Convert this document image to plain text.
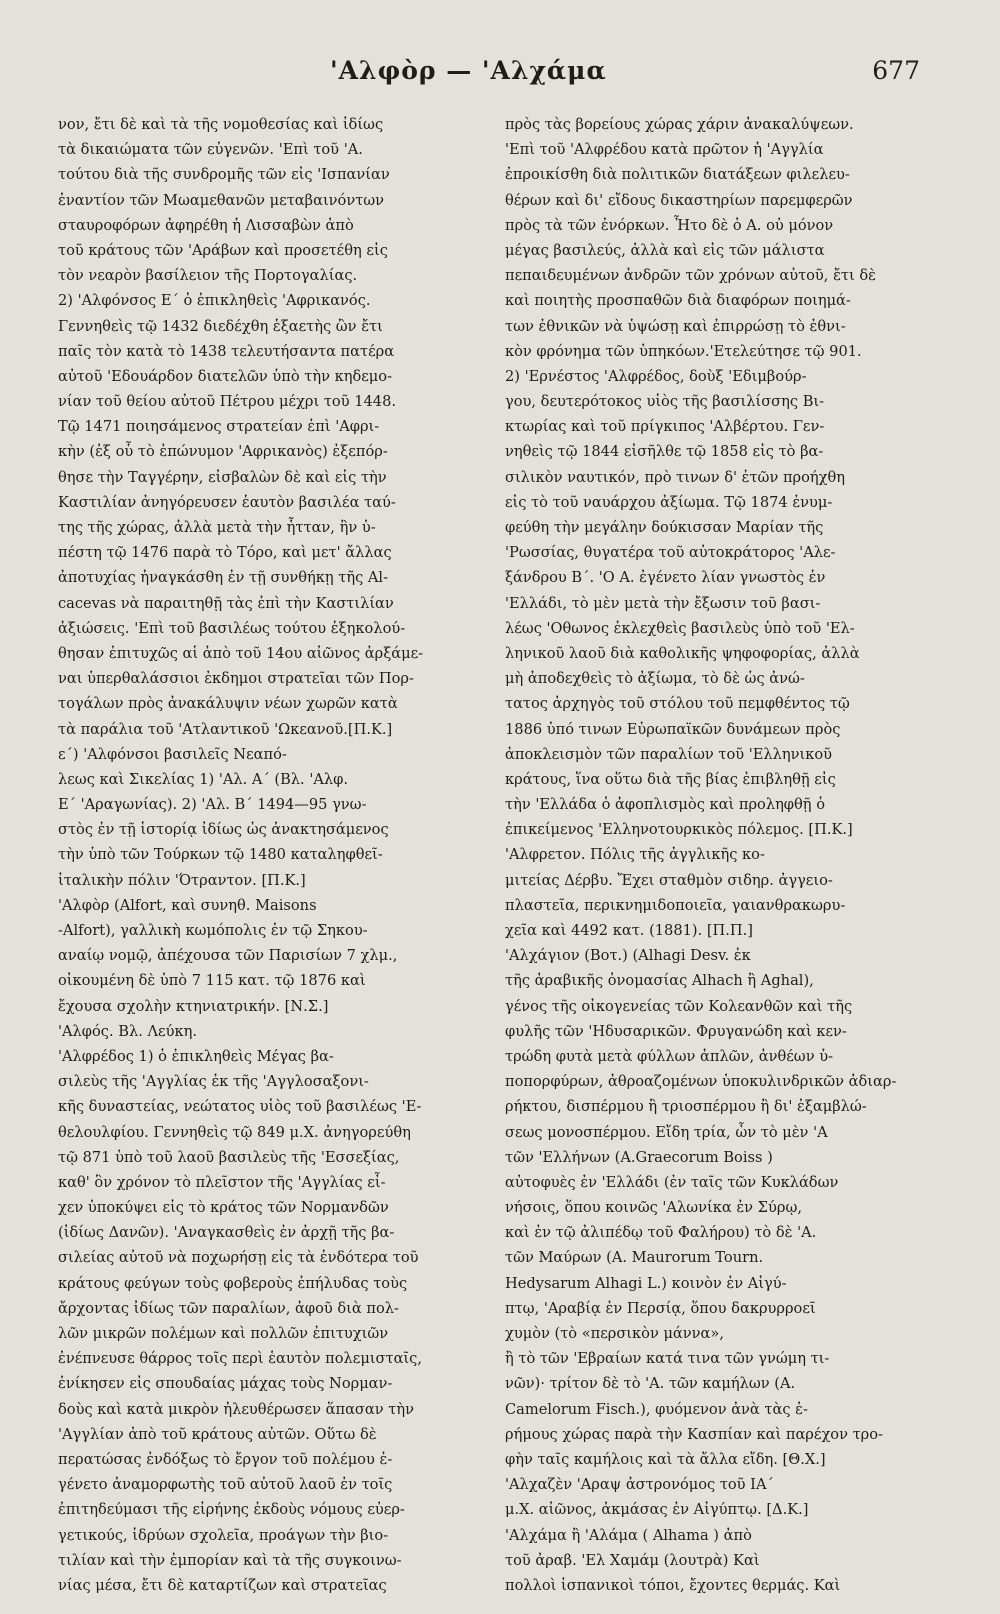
'Αλφὸρ — 'Αλχάμα	677
νον, ἔτι δὲ καὶ τὰ τῆς νομοθεσίας καὶ ἰδίως
τὰ δικαιώματα τῶν εὐγενῶν. 'Επὶ τοῦ 'Α.
τούτου διὰ τῆς συνδρομῆς τῶν εἰς 'Ισπανίαν
ἐναντίον τῶν Μωαμεθανῶν μεταβαινόντων
σταυροφόρων ἀφηρέθη ἡ Λισσαβὼν ἀπὸ
τοῦ κράτους τῶν 'Αράβων καὶ προσετέθη εἰς
τὸν νεαρὸν βασίλειον τῆς Πορτογαλίας.
2) 'Αλφόνσος Ε΄ ὁ ἐπικληθεὶς 'Αφρικανός.
Γεννηθεὶς τῷ 1432 διεδέχθη ἑξαετὴς ὢν ἔτι
παῖς τὸν κατὰ τὸ 1438 τελευτήσαντα πατέρα
αὐτοῦ 'Εδουάρδον διατελῶν ὑπὸ τὴν κηδεμο-
νίαν τοῦ θείου αὐτοῦ Πέτρου μέχρι τοῦ 1448.
Τῷ 1471 ποιησάμενος στρατείαν ἐπὶ 'Αφρι-
κὴν (ἐξ οὗ τὸ ἐπώνυμον 'Αφρικανὸς) ἐξεπόρ-
θησε τὴν Ταγγέρην, εἰσβαλὼν δὲ καὶ εἰς τὴν
Καστιλίαν ἀνηγόρευσεν ἑαυτὸν βασιλέα ταύ-
της τῆς χώρας, ἀλλὰ μετὰ τὴν ἧτταν, ἣν ὑ-
πέστη τῷ 1476 παρὰ τὸ Τόρο, καὶ μετ' ἄλλας
ἀποτυχίας ἠναγκάσθη ἐν τῇ συνθήκῃ τῆς Al-
cacevas νὰ παραιτηθῇ τὰς ἐπὶ τὴν Καστιλίαν
ἀξιώσεις. 'Επὶ τοῦ βασιλέως τούτου ἐξηκολού-
θησαν ἐπιτυχῶς αἱ ἀπὸ τοῦ 14ου αἰῶνος ἀρξάμε-
ναι ὑπερθαλάσσιοι ἐκδημοι στρατεῖαι τῶν Πορ-
τογάλων πρὸς ἀνακάλυψιν νέων χωρῶν κατὰ
τὰ παράλια τοῦ 'Ατλαντικοῦ 'Ωκεανοῦ.[Π.Κ.]
ε΄) 'Αλφόνσοι βασιλεῖς Νεαπό-
λεως καὶ Σικελίας 1) 'Αλ. Α΄ (Βλ. 'Αλφ.
Ε΄ 'Αραγωνίας). 2) 'Αλ. Β΄ 1494—95 γνω-
στὸς ἐν τῇ ἱστορίᾳ ἰδίως ὡς ἀνακτησάμενος
τὴν ὑπὸ τῶν Τούρκων τῷ 1480 καταληφθεῖ-
ἰταλικὴν πόλιν 'Ότραντον. [Π.Κ.]
'Αλφὸρ (Alfort, καὶ συνηθ. Maisons
-Alfort), γαλλικὴ κωμόπολις ἐν τῷ Σηκου-
αναίῳ νομῷ, ἀπέχουσα τῶν Παρισίων 7 χλμ.,
οἰκουμένη δὲ ὑπὸ 7 115 κατ. τῷ 1876 καὶ
ἔχουσα σχολὴν κτηνιατρικήν. [Ν.Σ.]
'Αλφός. Βλ. Λεύκη.
'Αλφρέδος 1) ὁ ἐπικληθεὶς Μέγας βα-
σιλεὺς τῆς 'Αγγλίας ἐκ τῆς 'Αγγλοσαξονι-
κῆς δυναστείας, νεώτατος υἱὸς τοῦ βασιλέως 'Ε-
θελουλφίου. Γεννηθεὶς τῷ 849 μ.Χ. ἀνηγορεύθη
τῷ 871 ὑπὸ τοῦ λαοῦ βασιλεὺς τῆς 'Εσσεξίας,
καθ' ὃν χρόνον τὸ πλεῖστον τῆς 'Αγγλίας εἶ-
χεν ὑποκύψει εἰς τὸ κράτος τῶν Νορμανδῶν
(ἰδίως Δανῶν). 'Αναγκασθεὶς ἐν ἀρχῇ τῆς βα-
σιλείας αὐτοῦ νὰ ποχωρήσῃ εἰς τὰ ἐνδότερα τοῦ
κράτους φεύγων τοὺς φοβεροὺς ἐπήλυδας τοὺς
ἄρχοντας ἰδίως τῶν παραλίων, ἀφοῦ διὰ πολ-
λῶν μικρῶν πολέμων καὶ πολλῶν ἐπιτυχιῶν
ἐνέπνευσε θάρρος τοῖς περὶ ἑαυτὸν πολεμισταῖς,
ἐνίκησεν εἰς σπουδαίας μάχας τοὺς Νορμαν-
δοὺς καὶ κατὰ μικρὸν ἠλευθέρωσεν ἅπασαν τὴν
'Αγγλίαν ἀπὸ τοῦ κράτους αὐτῶν. Οὕτω δὲ
περατώσας ἐνδόξως τὸ ἔργον τοῦ πολέμου ἐ-
γένετο ἀναμορφωτὴς τοῦ αὐτοῦ λαοῦ ἐν τοῖς
ἐπιτηδεύμασι τῆς εἰρήνης ἐκδοὺς νόμους εὐερ-
γετικούς, ἱδρύων σχολεῖα, προάγων τὴν βιο-
τιλίαν καὶ τὴν ἐμπορίαν καὶ τὰ τῆς συγκοινω-
νίας μέσα, ἔτι δὲ καταρτίζων καὶ στρατεῖας
πρὸς τὰς βορείους χώρας χάριν ἀνακαλύψεων.
'Επὶ τοῦ 'Αλφρέδου κατὰ πρῶτον ἡ 'Αγγλία
ἐπροικίσθη διὰ πολιτικῶν διατάξεων φιλελευ-
θέρων καὶ δι' εἴδους δικαστηρίων παρεμφερῶν
πρὸς τὰ τῶν ἐνόρκων. Ἦτο δὲ ὁ Α. οὐ μόνον
μέγας βασιλεύς, ἀλλὰ καὶ εἰς τῶν μάλιστα
πεπαιδευμένων ἀνδρῶν τῶν χρόνων αὐτοῦ, ἔτι δὲ
καὶ ποιητὴς προσπαθῶν διὰ διαφόρων ποιημά-
των ἐθνικῶν νὰ ὑψώσῃ καὶ ἐπιρρώσῃ τὸ ἐθνι-
κὸν φρόνημα τῶν ὑπηκόων.'Ετελεύτησε τῷ 901.
2) 'Ερνέστος 'Αλφρέδος, δοὺξ 'Εδιμβούρ-
γου, δευτερότοκος υἱὸς τῆς βασιλίσσης Βι-
κτωρίας καὶ τοῦ πρίγκιπος 'Αλβέρτου. Γεν-
νηθεὶς τῷ 1844 εἰσῆλθε τῷ 1858 εἰς τὸ βα-
σιλικὸν ναυτικόν, πρὸ τινων δ' ἐτῶν προήχθη
εἰς τὸ τοῦ ναυάρχου ἀξίωμα. Τῷ 1874 ἐνυμ-
φεύθη τὴν μεγάλην δούκισσαν Μαρίαν τῆς
'Ρωσσίας, θυγατέρα τοῦ αὐτοκράτορος 'Αλε-
ξάνδρου Β΄. 'Ο Α. ἐγένετο λίαν γνωστὸς ἐν
'Ελλάδι, τὸ μὲν μετὰ τὴν ἔξωσιν τοῦ βασι-
λέως 'Οθωνος ἐκλεχθεὶς βασιλεὺς ὑπὸ τοῦ 'Ελ-
ληνικοῦ λαοῦ διὰ καθολικῆς ψηφοφορίας, ἀλλὰ
μὴ ἀποδεχθεὶς τὸ ἀξίωμα, τὸ δὲ ὡς ἀνώ-
τατος ἀρχηγὸς τοῦ στόλου τοῦ πεμφθέντος τῷ
1886 ὑπό τινων Εὐρωπαϊκῶν δυνάμεων πρὸς
ἀποκλεισμὸν τῶν παραλίων τοῦ 'Ελληνικοῦ
κράτους, ἵνα οὕτω διὰ τῆς βίας ἐπιβληθῇ εἰς
τὴν 'Ελλάδα ὁ ἀφοπλισμὸς καὶ προληφθῇ ὁ
ἐπικείμενος 'Ελληνοτουρκικὸς πόλεμος. [Π.Κ.]
'Αλφρετον. Πόλις τῆς ἀγγλικῆς κο-
μιτείας Δέρβυ. Ἔχει σταθμὸν σιδηρ. ἀγγειο-
πλαστεῖα, περικνημιδοποιεῖα, γαιανθρακωρυ-
χεῖα καὶ 4492 κατ. (1881). [Π.Π.]
'Αλχάγιον (Βοτ.) (Alhagi Desv. ἐκ
τῆς ἀραβικῆς ὀνομασίας Alhach ἢ Aghal),
γένος τῆς οἰκογενείας τῶν Κολεανθῶν καὶ τῆς
φυλῆς τῶν 'Ηδυσαρικῶν. Φρυγανώδη καὶ κεν-
τρώδη φυτὰ μετὰ φύλλων ἁπλῶν, ἀνθέων ὑ-
ποπορφύρων, ἀθροαζομένων ὑποκυλινδρικῶν ἀδιαρ-
ρήκτου, δισπέρμου ἢ τριοσπέρμου ἢ δι' ἐξαμβλώ-
σεως μονοσπέρμου. Εἴδη τρία, ὧν τὸ μὲν 'Α
τῶν 'Ελλήνων (A.Graecorum Boiss )
αὐτοφυὲς ἐν 'Ελλάδι (ἐν ταῖς τῶν Κυκλάδων
νήσοις, ὅπου κοινῶς 'Αλωνίκα ἐν Σύρῳ,
καὶ ἐν τῷ ἀλιπέδῳ τοῦ Φαλήρου) τὸ δὲ 'Α.
τῶν Μαύρων (A. Maurorum Tourn.
Hedysarum Alhagi L.) κοινὸν ἐν Αἰγύ-
πτῳ, 'Αραβίᾳ ἐν Περσίᾳ, ὅπου δακρυρροεῖ
χυμὸν (τὸ «περσικὸν μάννα»,
ἢ τὸ τῶν 'Εβραίων κατά τινα τῶν γνώμη τι-
νῶν)· τρίτον δὲ τὸ 'Α. τῶν καμήλων (A.
Camelorum Fisch.), φυόμενον ἀνὰ τὰς ἐ-
ρήμους χώρας παρὰ τὴν Κασπίαν καὶ παρέχον τρο-
φὴν ταῖς καμήλοις καὶ τὰ ἄλλα εἴδη. [Θ.Χ.]
'Αλχαζὲν 'Αραψ ἀστρονόμος τοῦ ΙΑ΄
μ.Χ. αἰῶνος, ἀκμάσας ἐν Αἰγύπτῳ. [Δ.Κ.]
'Αλχάμα ἢ 'Αλάμα ( Alhama ) ἀπὸ
τοῦ ἀραβ. 'Ελ Χαμάμ (λουτρὰ) Καὶ
πολλοὶ ἱσπανικοὶ τόποι, ἔχοντες θερμάς. Καὶ
